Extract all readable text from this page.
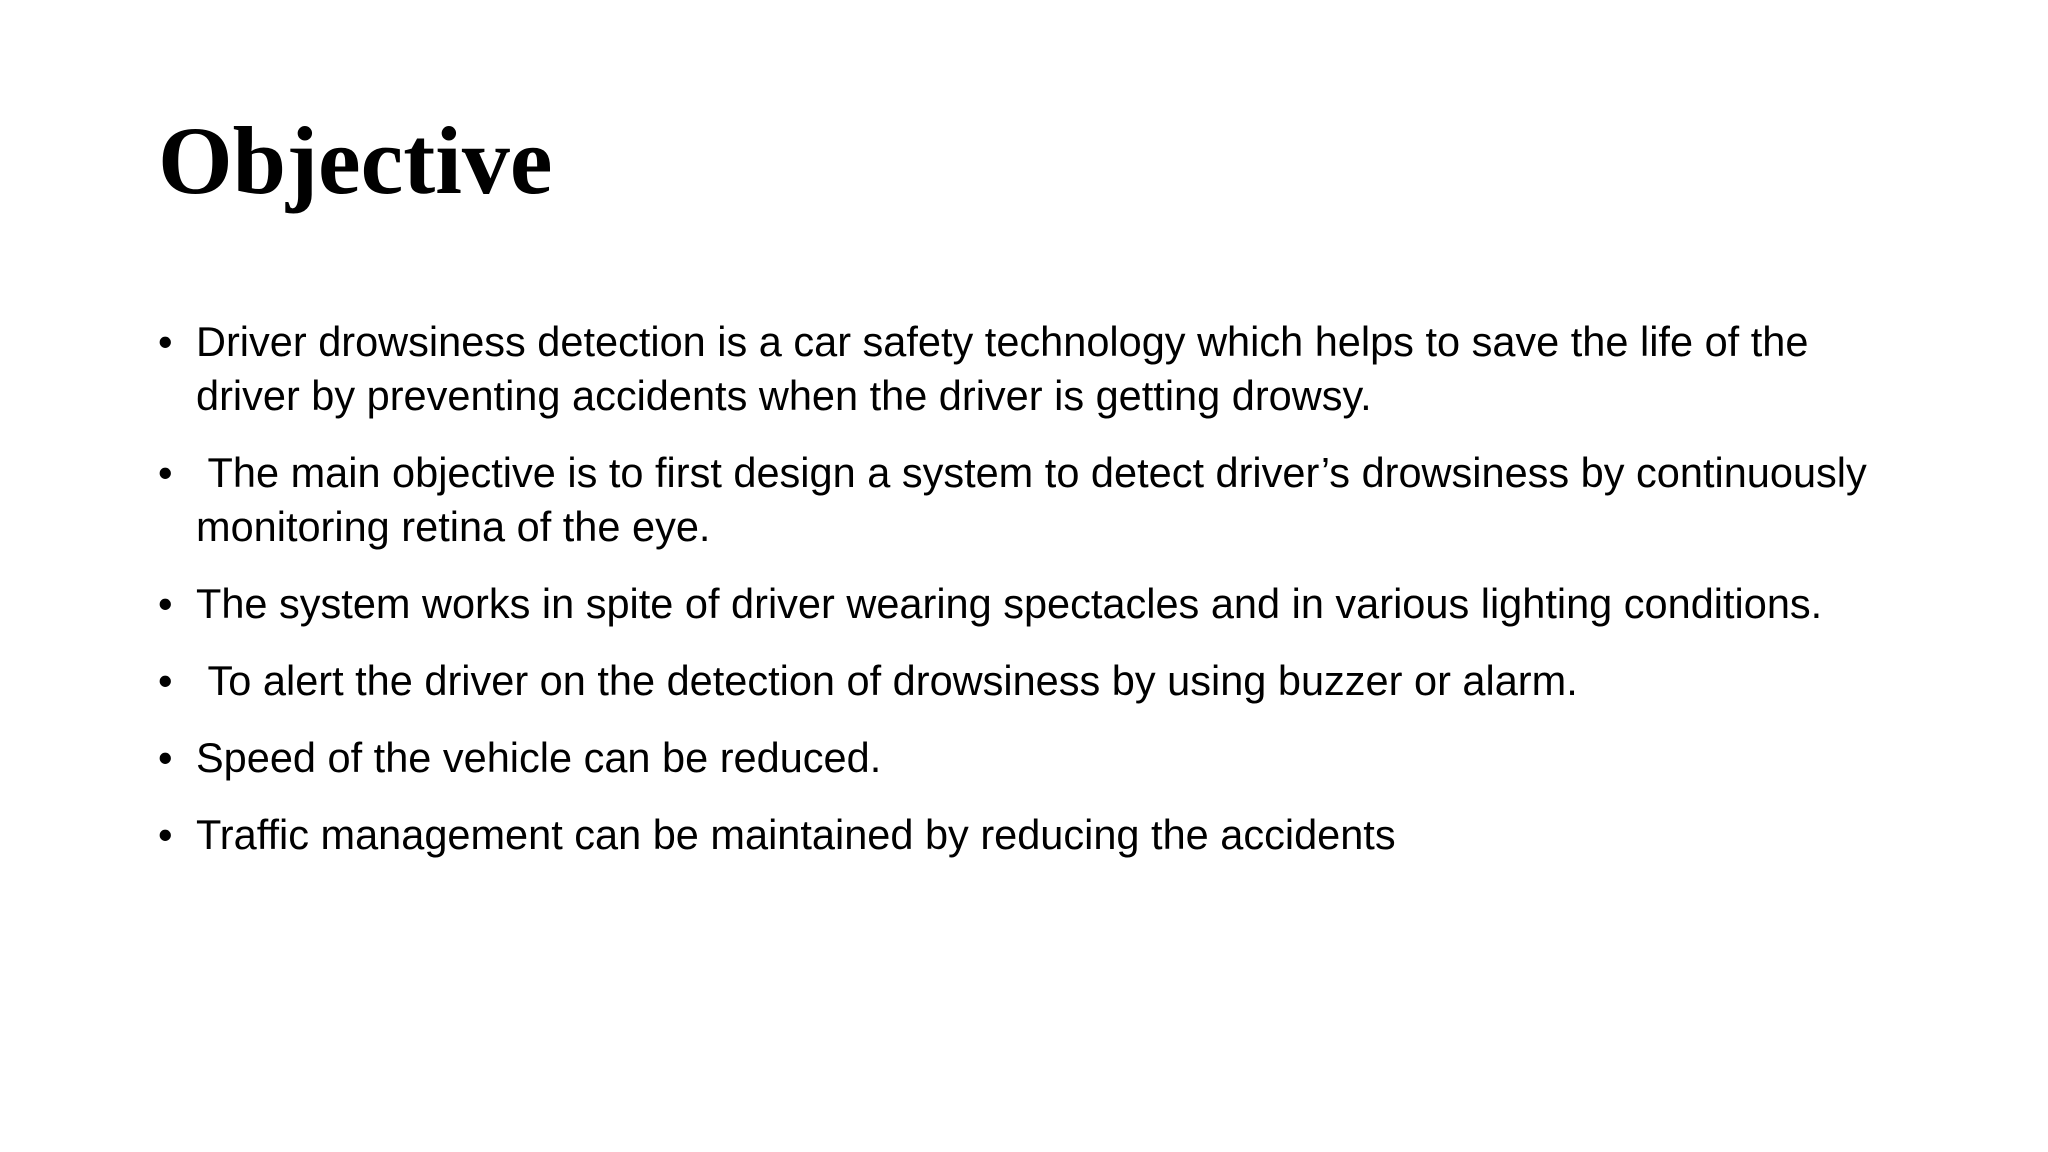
Objective
• Driver drowsiness detection is a car safety technology which helps to save the life of the driver by preventing accidents when the driver is getting drowsy.
• The main objective is to first design a system to detect driver’s drowsiness by continuously monitoring retina of the eye.
• The system works in spite of driver wearing spectacles and in various lighting conditions.
• To alert the driver on the detection of drowsiness by using buzzer or alarm.
• Speed of the vehicle can be reduced.
• Traffic management can be maintained by reducing the accidents
